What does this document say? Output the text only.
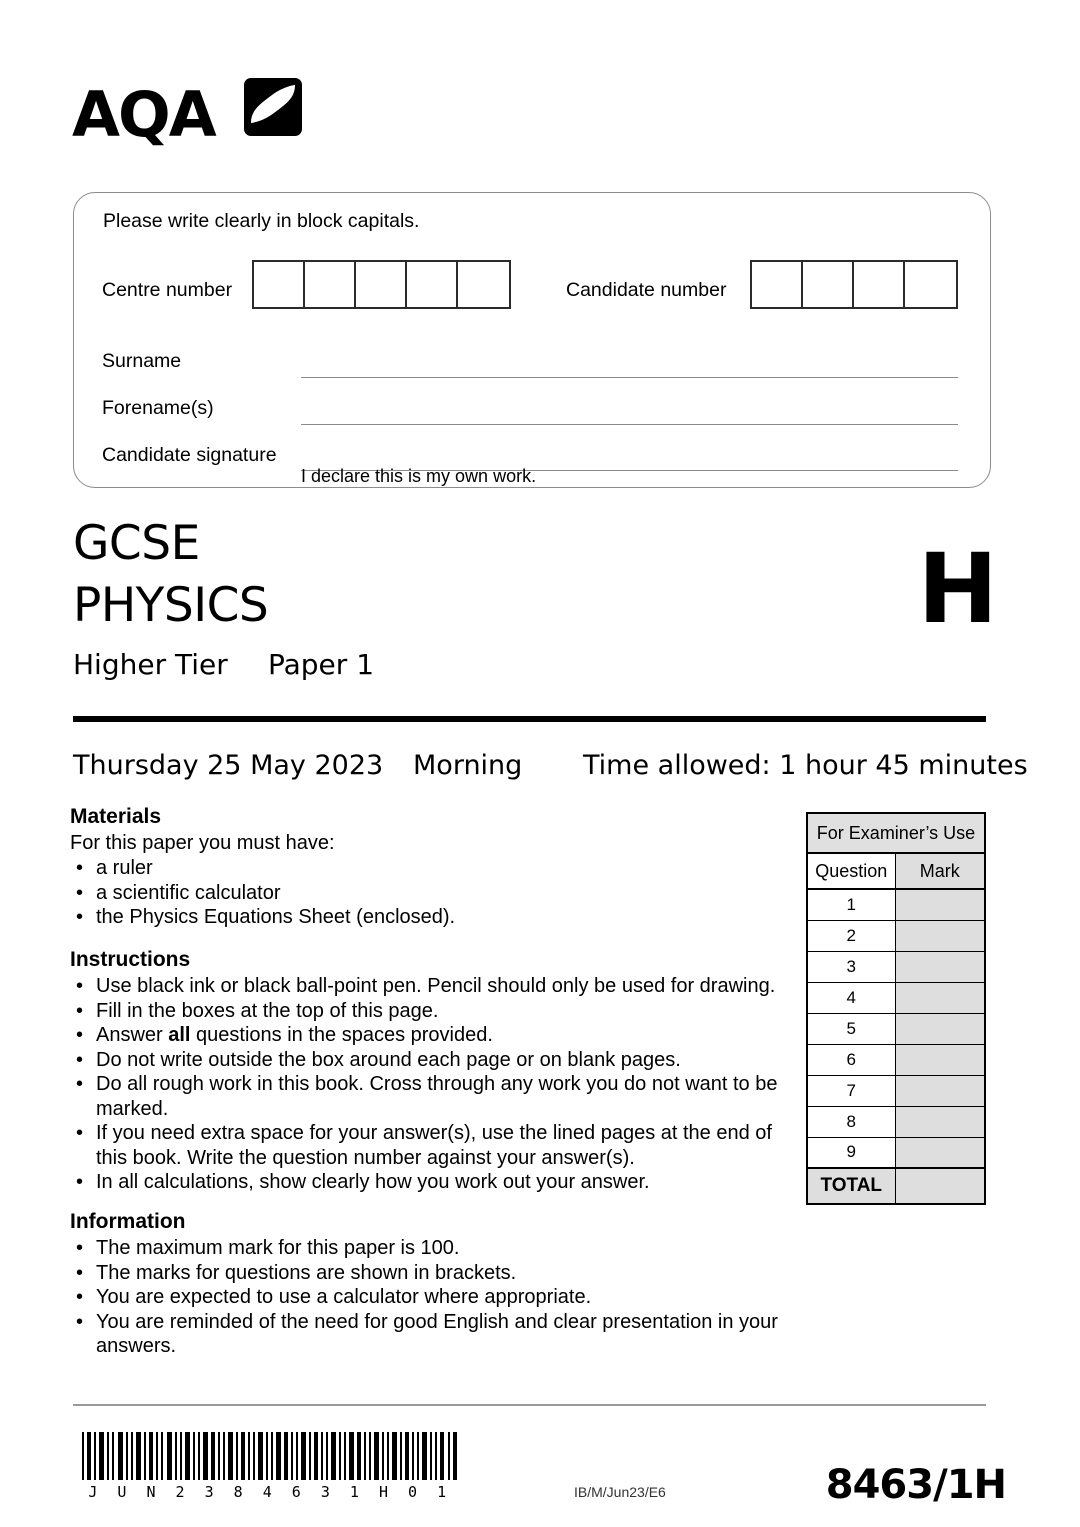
AQA
Please write clearly in block capitals.
Centre number	Candidate number
Surname
Forename(s)
Candidate signature
I declare this is my own work.
GCSE
PHYSICS
Higher Tier Paper 1
H
Thursday 25 May 2023 Morning Time allowed: 1 hour 45 minutes
Materials

For this paper you must have:

• a ruler
• a scientific calculator
• the Physics Equations Sheet (enclosed).
Instructions
• Use black ink or black ball-point pen. Pencil should only be used for drawing.
• Fill in the boxes at the top of this page.
• Answer all questions in the spaces provided.
• Do not write outside the box around each page or on blank pages.
• Do all rough work in this book. Cross through any work you do not want to be marked.
• If you need extra space for your answer(s), use the lined pages at the end of this book. Write the question number against your answer(s).
• In all calculations, show clearly how you work out your answer.
Information
• The maximum mark for this paper is 100.
• The marks for questions are shown in brackets.
• You are expected to use a calculator where appropriate.
• You are reminded of the need for good English and clear presentation in your answers.
For Examiner’s Use	
Question	Mark
1	
2	
3	
4	
5	
6	
7	
8	
9	
TOTAL	
J U N 2 3 8 4 6 3 1 H 0 1	IB/M/Jun23/E6	8463/1H
